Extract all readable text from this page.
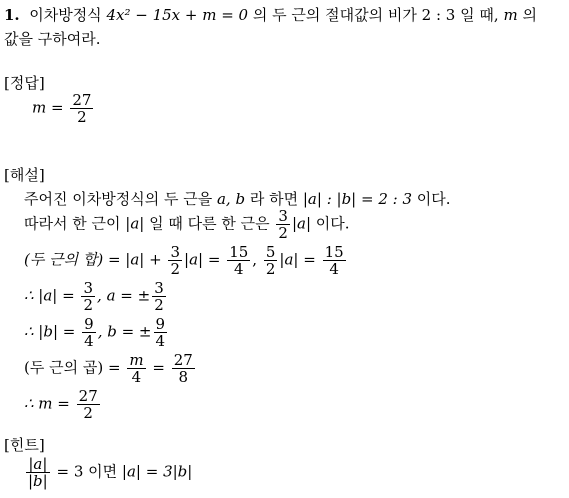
1. 이차방정식 4x² − 15x + m = 0 의 두 근의 절대값의 비가 2 : 3 일 때, m 의
값을 구하여라.
[정답]
$m = \frac{27}{2}$
[해설]
주어진 이차방정식의 두 근을 a, b 라 하면 |a| : |b| = 2 : 3 이다.
따라서 한 근이 |a| 일 때 다른 한 근은 $\frac{3}{2} |a|$ 이다.
(두 근의 합) = $|a| + \frac{3}{2} |a| = \frac{15}{4}$ , $\frac{5}{2} |a| = \frac{15}{4}$
∴ $|a| = \frac{3}{2}$ , a = ± $\frac{3}{2}$
∴ $|b| = \frac{9}{4}$ , b = ± $\frac{9}{4}$
(두 근의 곱) = $\frac{m}{4} = \frac{27}{8}$
∴ $m = \frac{27}{2}$
[힌트]
$\frac{|a|}{|b|} = 3$ 이면 |a| = 3|b|
